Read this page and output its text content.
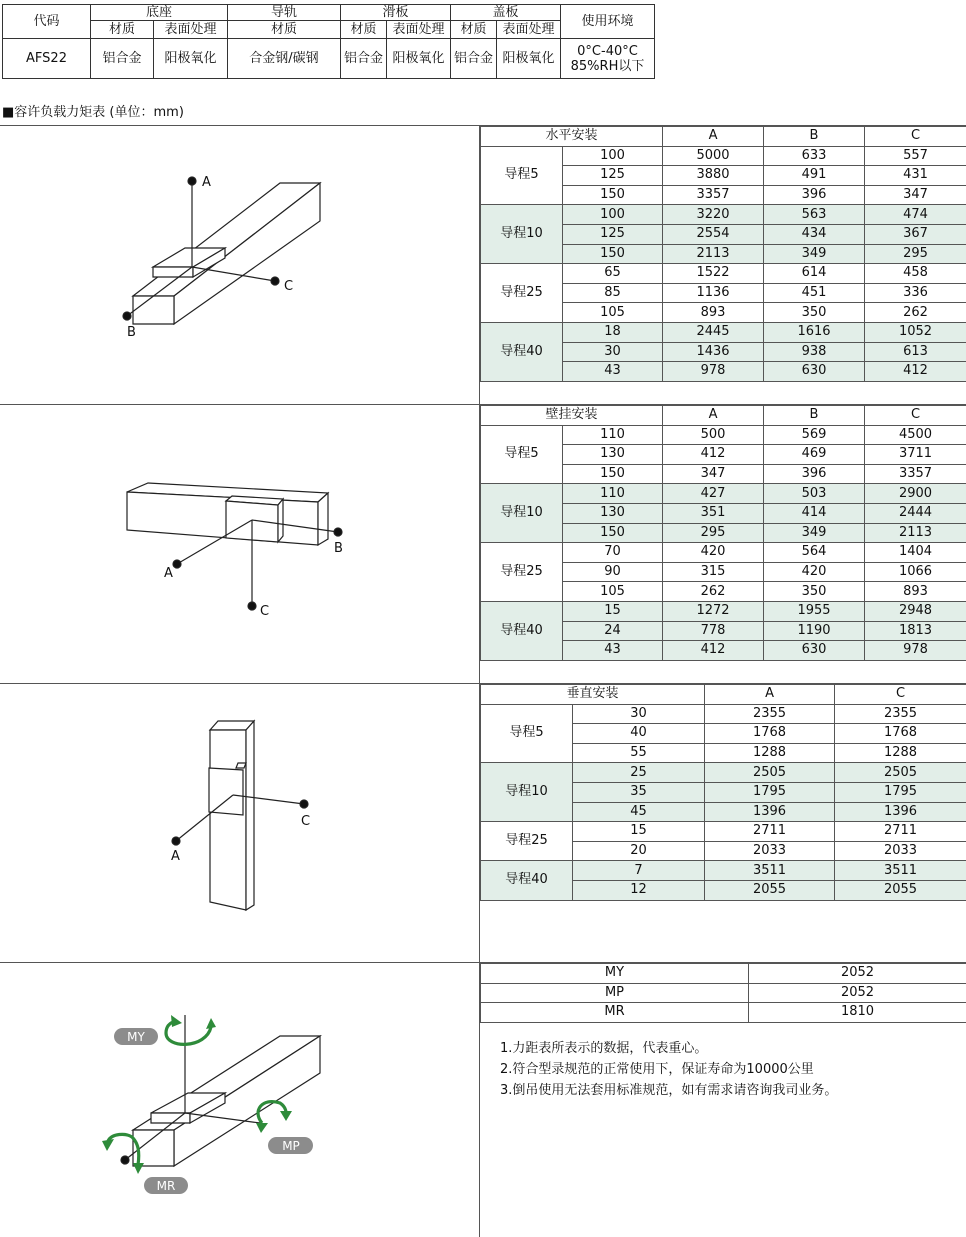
代码	底座		导轨	滑板		盖板		使用环境
	材质	表面处理	材质	材质	表面处理	材质	表面处理	
AFS22	铝合金	阳极氧化	合金钢/碳钢	铝合金	阳极氧化	铝合金	阳极氧化	0°C-40°C
85%RH以下
■容许负载力矩表 (单位：mm)
水平安装		A	B	C
导程5	100	5000	633	557
	125	3880	491	431
	150	3357	396	347
导程10	100	3220	563	474
	125	2554	434	367
	150	2113	349	295
导程25	65	1522	614	458
	85	1136	451	336
	105	893	350	262
导程40	18	2445	1616	1052
	30	1436	938	613
	43	978	630	412

壁挂安装		A	B	C
导程5	110	500	569	4500
	130	412	469	3711
	150	347	396	3357
导程10	110	427	503	2900
	130	351	414	2444
	150	295	349	2113
导程25	70	420	564	1404
	90	315	420	1066
	105	262	350	893
导程40	15	1272	1955	2948
	24	778	1190	1813
	43	412	630	978

垂直安装		A	C
导程5	30	2355	2355
	40	1768	1768
	55	1288	1288
导程10	25	2505	2505
	35	1795	1795
	45	1396	1396
导程25	15	2711	2711
	20	2033	2033
导程40	7	3511	3511
	12	2055	2055

MY	2052
MP	2052
MR	1810
1.力距表所表示的数据，代表重心。
2.符合型录规范的正常使用下，保证寿命为10000公里
3.倒吊使用无法套用标准规范，如有需求请咨询我司业务。
A
C
B
B
A
C
C
A
MY
MP
MR
